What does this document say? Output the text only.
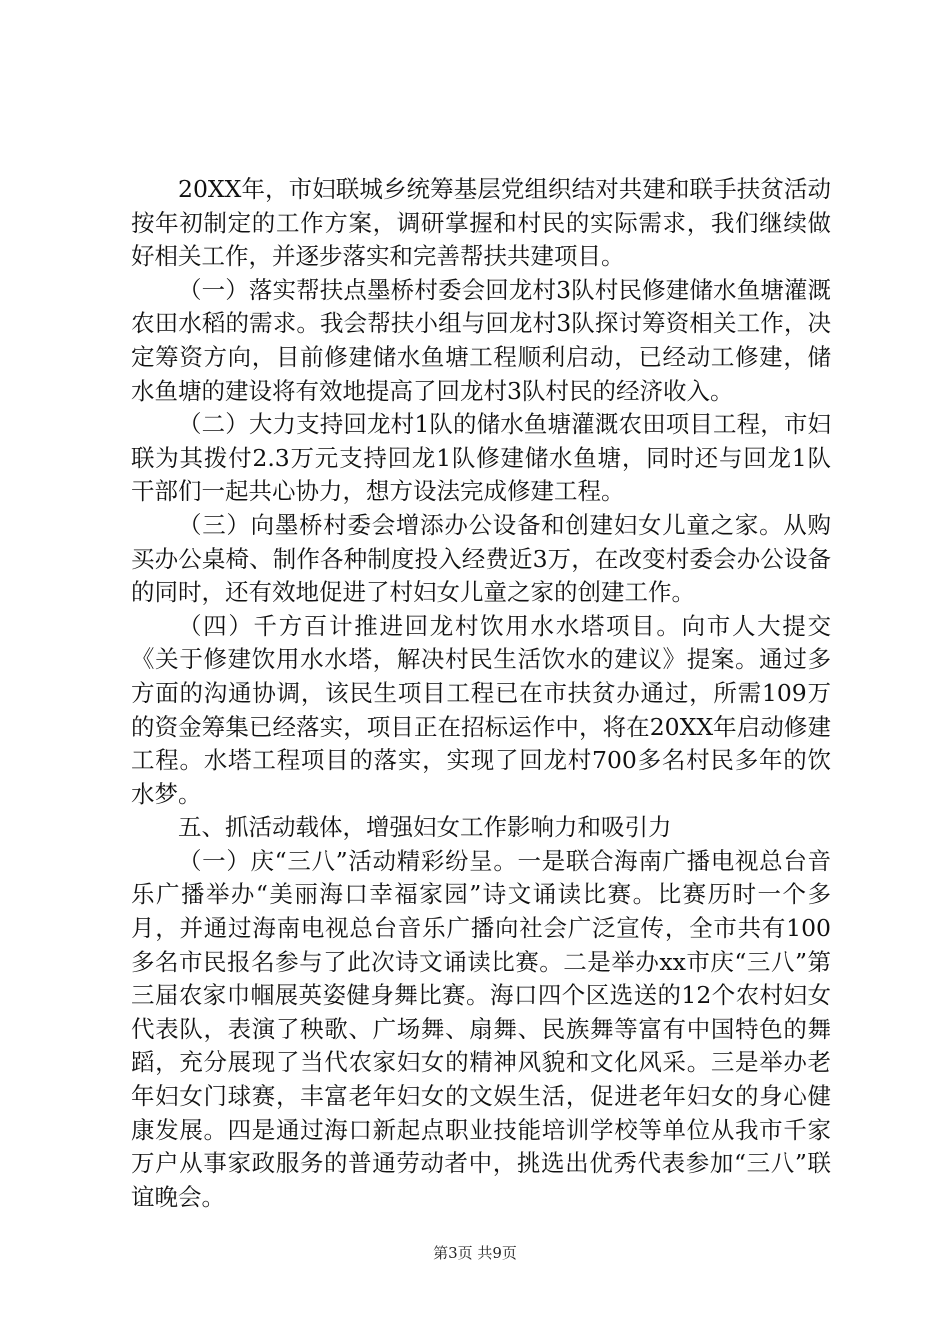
20XX年，市妇联城乡统筹基层党组织结对共建和联手扶贫活动按年初制定的工作方案，调研掌握和村民的实际需求，我们继续做好相关工作，并逐步落实和完善帮扶共建项目。

（一）落实帮扶点墨桥村委会回龙村3队村民修建储水鱼塘灌溉农田水稻的需求。我会帮扶小组与回龙村3队探讨筹资相关工作，决定筹资方向，目前修建储水鱼塘工程顺利启动，已经动工修建，储水鱼塘的建设将有效地提高了回龙村3队村民的经济收入。

（二）大力支持回龙村1队的储水鱼塘灌溉农田项目工程，市妇联为其拨付2.3万元支持回龙1队修建储水鱼塘，同时还与回龙1队干部们一起共心协力，想方设法完成修建工程。

（三）向墨桥村委会增添办公设备和创建妇女儿童之家。从购买办公桌椅、制作各种制度投入经费近3万，在改变村委会办公设备的同时，还有效地促进了村妇女儿童之家的创建工作。

（四）千方百计推进回龙村饮用水水塔项目。向市人大提交《关于修建饮用水水塔，解决村民生活饮水的建议》提案。通过多方面的沟通协调，该民生项目工程已在市扶贫办通过，所需109万的资金筹集已经落实，项目正在招标运作中，将在20XX年启动修建工程。水塔工程项目的落实，实现了回龙村700多名村民多年的饮水梦。

五、抓活动载体，增强妇女工作影响力和吸引力

（一）庆“三八”活动精彩纷呈。一是联合海南广播电视总台音乐广播举办“美丽海口幸福家园”诗文诵读比赛。比赛历时一个多月，并通过海南电视总台音乐广播向社会广泛宣传，全市共有100多名市民报名参与了此次诗文诵读比赛。二是举办xx市庆“三八”第三届农家巾帼展英姿健身舞比赛。海口四个区选送的12个农村妇女代表队，表演了秧歌、广场舞、扇舞、民族舞等富有中国特色的舞蹈，充分展现了当代农家妇女的精神风貌和文化风采。三是举办老年妇女门球赛，丰富老年妇女的文娱生活，促进老年妇女的身心健康发展。四是通过海口新起点职业技能培训学校等单位从我市千家万户从事家政服务的普通劳动者中，挑选出优秀代表参加“三八”联谊晚会。

第3页 共9页
